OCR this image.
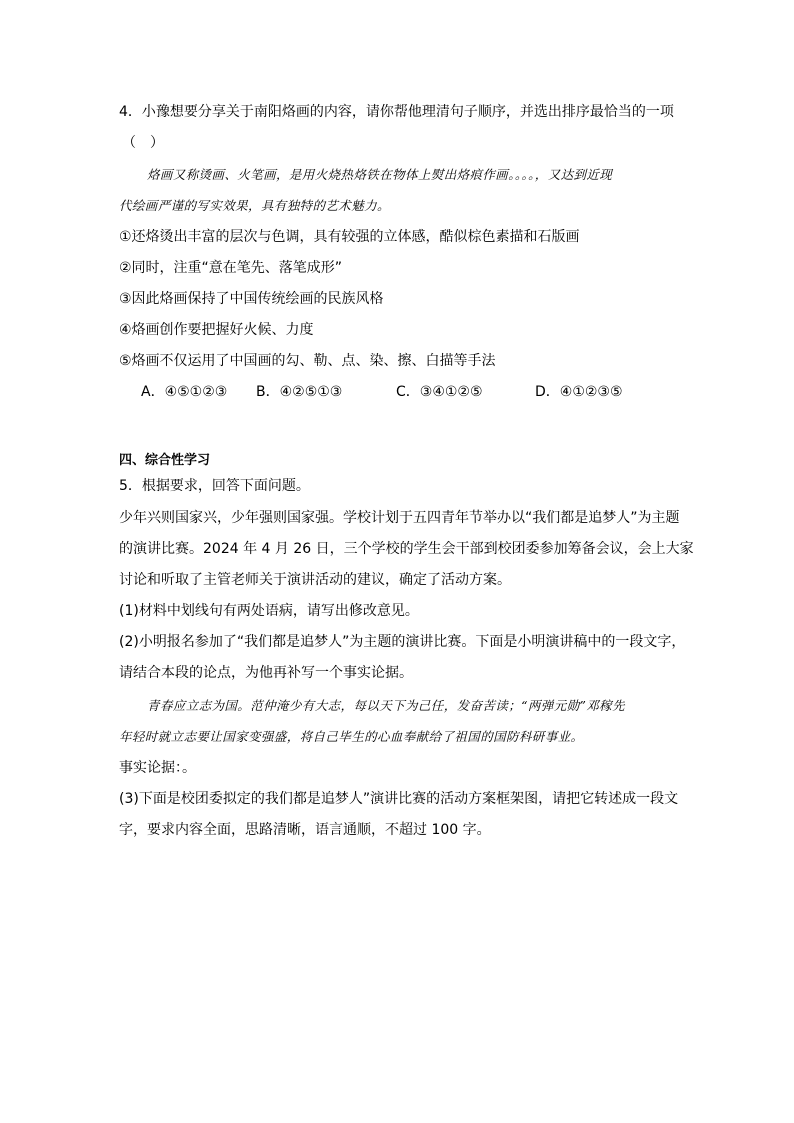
4．小豫想要分享关于南阳烙画的内容，请你帮他理清句子顺序，并选出排序最恰当的一项
（　）
烙画又称烫画、火笔画，是用火烧热烙铁在物体上熨出烙痕作画。。。。，又达到近现
代绘画严谨的写实效果，具有独特的艺术魅力。
①还烙烫出丰富的层次与色调，具有较强的立体感，酷似棕色素描和石版画
②同时，注重“意在笔先、落笔成形”
③因此烙画保持了中国传统绘画的民族风格
④烙画创作要把握好火候、力度
⑤烙画不仅运用了中国画的勾、勒、点、染、擦、白描等手法
A．④⑤①②③ B．④②⑤①③	C．③④①②⑤	D．④①②③⑤
四、综合性学习
5．根据要求，回答下面问题。
少年兴则国家兴，少年强则国家强。学校计划于五四青年节举办以“我们都是追梦人”为主题
的演讲比赛。2024 年 4 月 26 日，三个学校的学生会干部到校团委参加筹备会议，会上大家
讨论和听取了主管老师关于演讲活动的建议，确定了活动方案。
(1)材料中划线句有两处语病，请写出修改意见。
(2)小明报名参加了“我们都是追梦人”为主题的演讲比赛。下面是小明演讲稿中的一段文字，
请结合本段的论点，为他再补写一个事实论据。
青春应立志为国。范仲淹少有大志，每以天下为己任，发奋苦读；“两弹元勋”邓稼先
年轻时就立志要让国家变强盛，将自己毕生的心血奉献给了祖国的国防科研事业。
事实论据：。
(3)下面是校团委拟定的我们都是追梦人”演讲比赛的活动方案框架图，请把它转述成一段文
字，要求内容全面，思路清晰，语言通顺，不超过 100 字。
